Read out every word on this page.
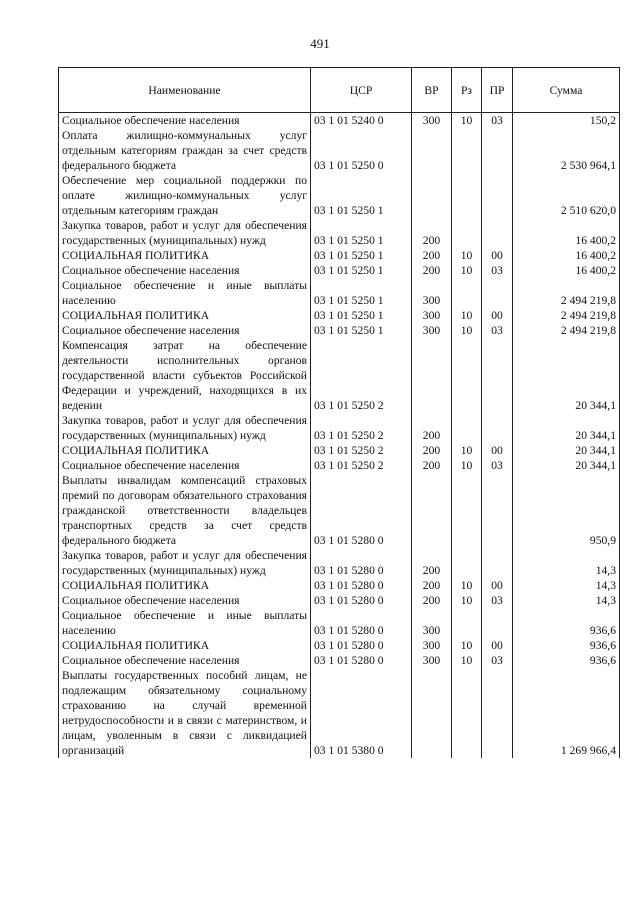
491
Наименование	ЦСР	ВР	Рз	ПР	Сумма
Социальное обеспечение населения	03 1 01 5240 0	300	10	03	150,2
Оплата жилищно-коммунальных услуг отдельным категориям граждан за счет средств федерального бюджета	03 1 01 5250 0				2 530 964,1
Обеспечение мер социальной поддержки по оплате жилищно-коммунальных услуг отдельным категориям граждан	03 1 01 5250 1				2 510 620,0
Закупка товаров, работ и услуг для обеспечения государственных (муниципальных) нужд	03 1 01 5250 1	200			16 400,2
СОЦИАЛЬНАЯ ПОЛИТИКА	03 1 01 5250 1	200	10	00	16 400,2
Социальное обеспечение населения	03 1 01 5250 1	200	10	03	16 400,2
Социальное обеспечение и иные выплаты населению	03 1 01 5250 1	300			2 494 219,8
СОЦИАЛЬНАЯ ПОЛИТИКА	03 1 01 5250 1	300	10	00	2 494 219,8
Социальное обеспечение населения	03 1 01 5250 1	300	10	03	2 494 219,8
Компенсация затрат на обеспечение деятельности исполнительных органов государственной власти субъектов Российской Федерации и учреждений, находящихся в их ведении	03 1 01 5250 2				20 344,1
Закупка товаров, работ и услуг для обеспечения государственных (муниципальных) нужд	03 1 01 5250 2	200			20 344,1
СОЦИАЛЬНАЯ ПОЛИТИКА	03 1 01 5250 2	200	10	00	20 344,1
Социальное обеспечение населения	03 1 01 5250 2	200	10	03	20 344,1
Выплаты инвалидам компенсаций страховых премий по договорам обязательного страхования гражданской ответственности владельцев транспортных средств за счет средств федерального бюджета	03 1 01 5280 0				950,9
Закупка товаров, работ и услуг для обеспечения государственных (муниципальных) нужд	03 1 01 5280 0	200			14,3
СОЦИАЛЬНАЯ ПОЛИТИКА	03 1 01 5280 0	200	10	00	14,3
Социальное обеспечение населения	03 1 01 5280 0	200	10	03	14,3
Социальное обеспечение и иные выплаты населению	03 1 01 5280 0	300			936,6
СОЦИАЛЬНАЯ ПОЛИТИКА	03 1 01 5280 0	300	10	00	936,6
Социальное обеспечение населения	03 1 01 5280 0	300	10	03	936,6
Выплаты государственных пособий лицам, не подлежащим обязательному социальному страхованию на случай временной нетрудоспособности и в связи с материнством, и лицам, уволенным в связи с ликвидацией организаций	03 1 01 5380 0				1 269 966,4
